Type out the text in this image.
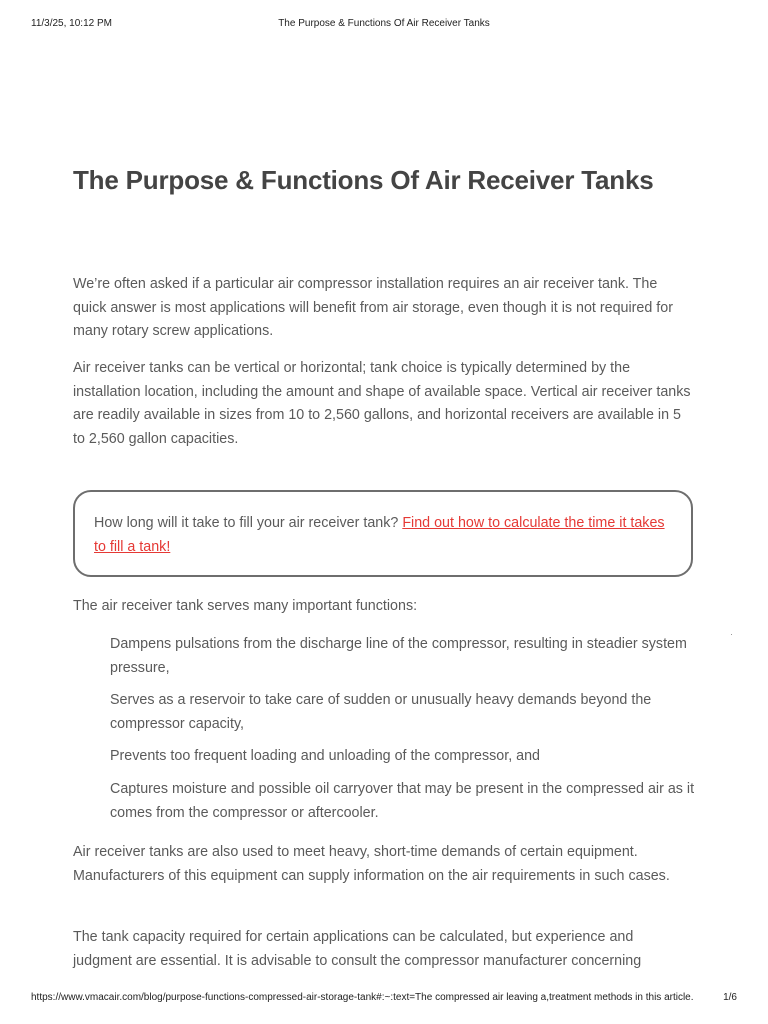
11/3/25, 10:12 PM	The Purpose & Functions Of Air Receiver Tanks
The Purpose & Functions Of Air Receiver Tanks

We’re often asked if a particular air compressor installation requires an air receiver tank. The quick answer is most applications will benefit from air storage, even though it is not required for many rotary screw applications.

Air receiver tanks can be vertical or horizontal; tank choice is typically determined by the installation location, including the amount and shape of available space. Vertical air receiver tanks are readily available in sizes from 10 to 2,560 gallons, and horizontal receivers are available in 5 to 2,560 gallon capacities.

How long will it take to fill your air receiver tank? Find out how to calculate the time it takes to fill a tank!

The air receiver tank serves many important functions:

Dampens pulsations from the discharge line of the compressor, resulting in steadier system pressure,
Serves as a reservoir to take care of sudden or unusually heavy demands beyond the compressor capacity,
Prevents too frequent loading and unloading of the compressor, and
Captures moisture and possible oil carryover that may be present in the compressed air as it comes from the compressor or aftercooler.

Air receiver tanks are also used to meet heavy, short-time demands of certain equipment. Manufacturers of this equipment can supply information on the air requirements in such cases.

The tank capacity required for certain applications can be calculated, but experience and judgment are essential. It is advisable to consult the compressor manufacturer concerning

https://www.vmacair.com/blog/purpose-functions-compressed-air-storage-tank#:~:text=The compressed air leaving a,treatment methods in this article.	1/6
